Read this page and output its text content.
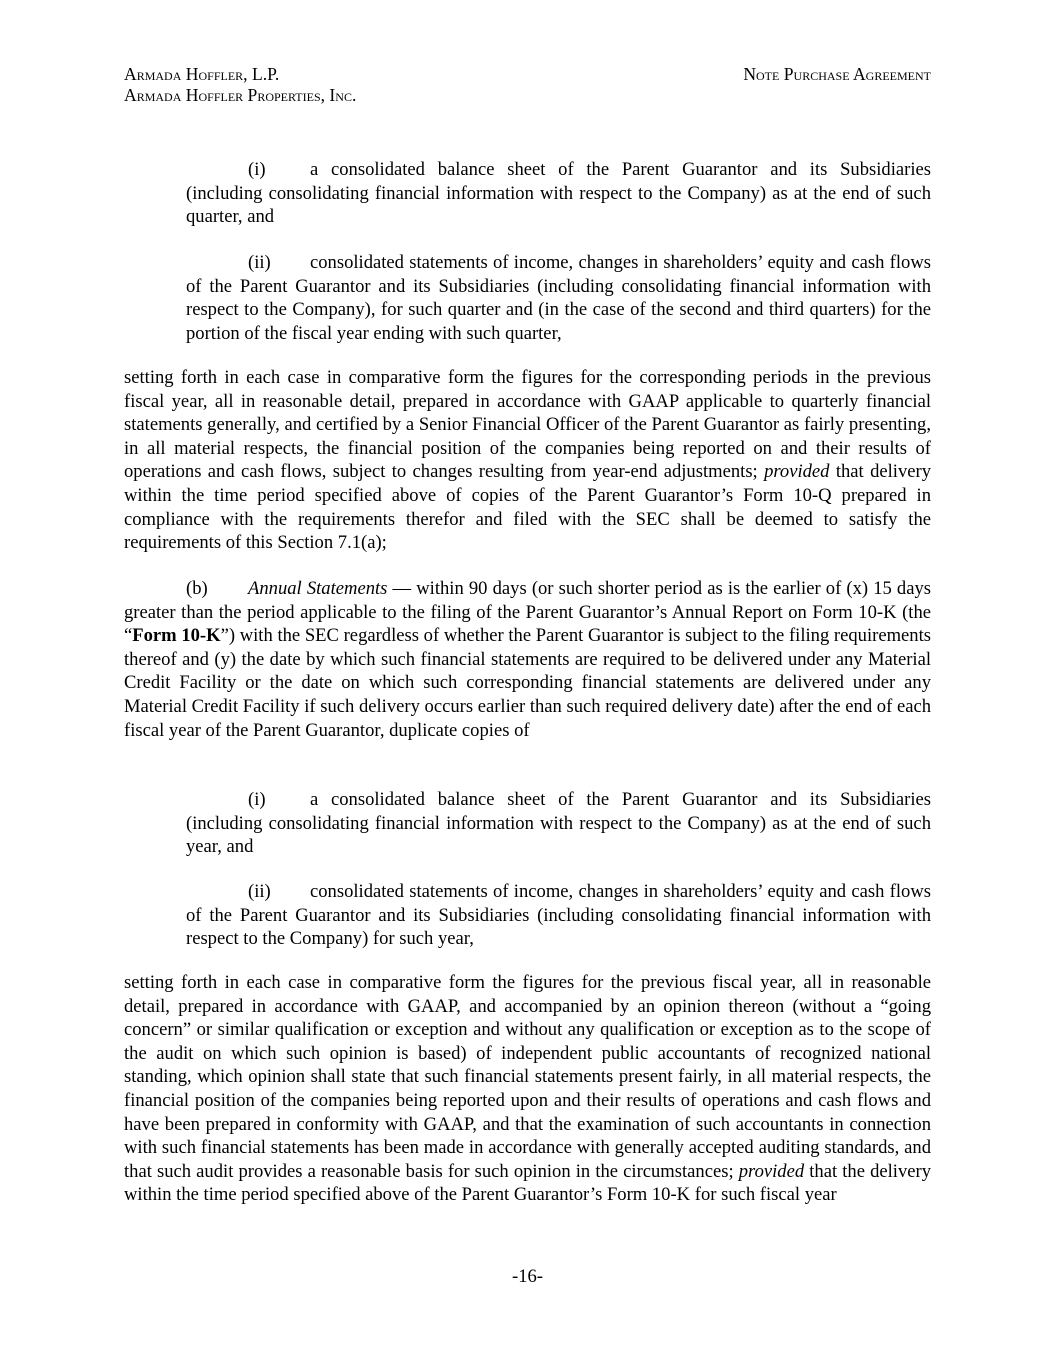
Armada Hoffler, L.P.
Armada Hoffler Properties, Inc.
Note Purchase Agreement
(i) a consolidated balance sheet of the Parent Guarantor and its Subsidiaries (including consolidating financial information with respect to the Company) as at the end of such quarter, and
(ii) consolidated statements of income, changes in shareholders’ equity and cash flows of the Parent Guarantor and its Subsidiaries (including consolidating financial information with respect to the Company), for such quarter and (in the case of the second and third quarters) for the portion of the fiscal year ending with such quarter,
setting forth in each case in comparative form the figures for the corresponding periods in the previous fiscal year, all in reasonable detail, prepared in accordance with GAAP applicable to quarterly financial statements generally, and certified by a Senior Financial Officer of the Parent Guarantor as fairly presenting, in all material respects, the financial position of the companies being reported on and their results of operations and cash flows, subject to changes resulting from year-end adjustments; provided that delivery within the time period specified above of copies of the Parent Guarantor’s Form 10-Q prepared in compliance with the requirements therefor and filed with the SEC shall be deemed to satisfy the requirements of this Section 7.1(a);
(b) Annual Statements — within 90 days (or such shorter period as is the earlier of (x) 15 days greater than the period applicable to the filing of the Parent Guarantor’s Annual Report on Form 10-K (the “Form 10-K”) with the SEC regardless of whether the Parent Guarantor is subject to the filing requirements thereof and (y) the date by which such financial statements are required to be delivered under any Material Credit Facility or the date on which such corresponding financial statements are delivered under any Material Credit Facility if such delivery occurs earlier than such required delivery date) after the end of each fiscal year of the Parent Guarantor, duplicate copies of
(i) a consolidated balance sheet of the Parent Guarantor and its Subsidiaries (including consolidating financial information with respect to the Company) as at the end of such year, and
(ii) consolidated statements of income, changes in shareholders’ equity and cash flows of the Parent Guarantor and its Subsidiaries (including consolidating financial information with respect to the Company) for such year,
setting forth in each case in comparative form the figures for the previous fiscal year, all in reasonable detail, prepared in accordance with GAAP, and accompanied by an opinion thereon (without a “going concern” or similar qualification or exception and without any qualification or exception as to the scope of the audit on which such opinion is based) of independent public accountants of recognized national standing, which opinion shall state that such financial statements present fairly, in all material respects, the financial position of the companies being reported upon and their results of operations and cash flows and have been prepared in conformity with GAAP, and that the examination of such accountants in connection with such financial statements has been made in accordance with generally accepted auditing standards, and that such audit provides a reasonable basis for such opinion in the circumstances; provided that the delivery within the time period specified above of the Parent Guarantor’s Form 10-K for such fiscal year
-16-
